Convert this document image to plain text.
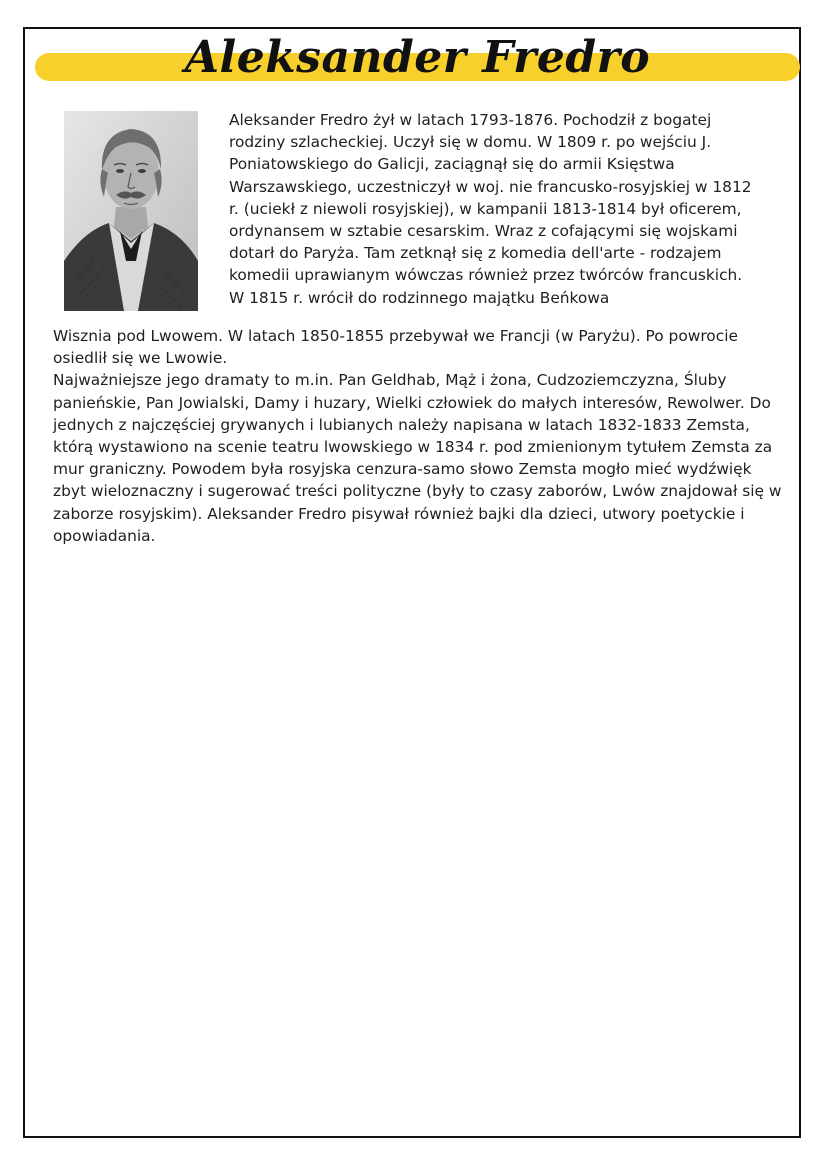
Aleksander Fredro
Aleksander Fredro żył w latach 1793-1876. Pochodził z bogatej
rodziny szlacheckiej. Uczył się w domu. W 1809 r. po wejściu J.
Poniatowskiego do Galicji, zaciągnął się do armii Księstwa
Warszawskiego, uczestniczył w woj. nie francusko-rosyjskiej w 1812
r. (uciekł z niewoli rosyjskiej), w kampanii 1813-1814 był oficerem,
ordynansem w sztabie cesarskim. Wraz z cofającymi się wojskami
dotarł do Paryża. Tam zetknął się z komedia dell'arte - rodzajem
komedii uprawianym wówczas również przez twórców francuskich.
W 1815 r. wrócił do rodzinnego majątku Beńkowa

Wisznia pod Lwowem. W latach 1850-1855 przebywał we Francji (w Paryżu). Po powrocie osiedlił się we Lwowie.

Najważniejsze jego dramaty to m.in. Pan Geldhab, Mąż i żona, Cudzoziemczyzna, Śluby panieńskie, Pan Jowialski, Damy i huzary, Wielki człowiek do małych interesów, Rewolwer. Do jednych z najczęściej grywanych i lubianych należy napisana w latach 1832-1833 Zemsta, którą wystawiono na scenie teatru lwowskiego w 1834 r. pod zmienionym tytułem Zemsta za mur graniczny. Powodem była rosyjska cenzura-samo słowo Zemsta mogło mieć wydźwięk zbyt wieloznaczny i sugerować treści polityczne (były to czasy zaborów, Lwów znajdował się w zaborze rosyjskim). Aleksander Fredro pisywał również bajki dla dzieci, utwory poetyckie i opowiadania.
